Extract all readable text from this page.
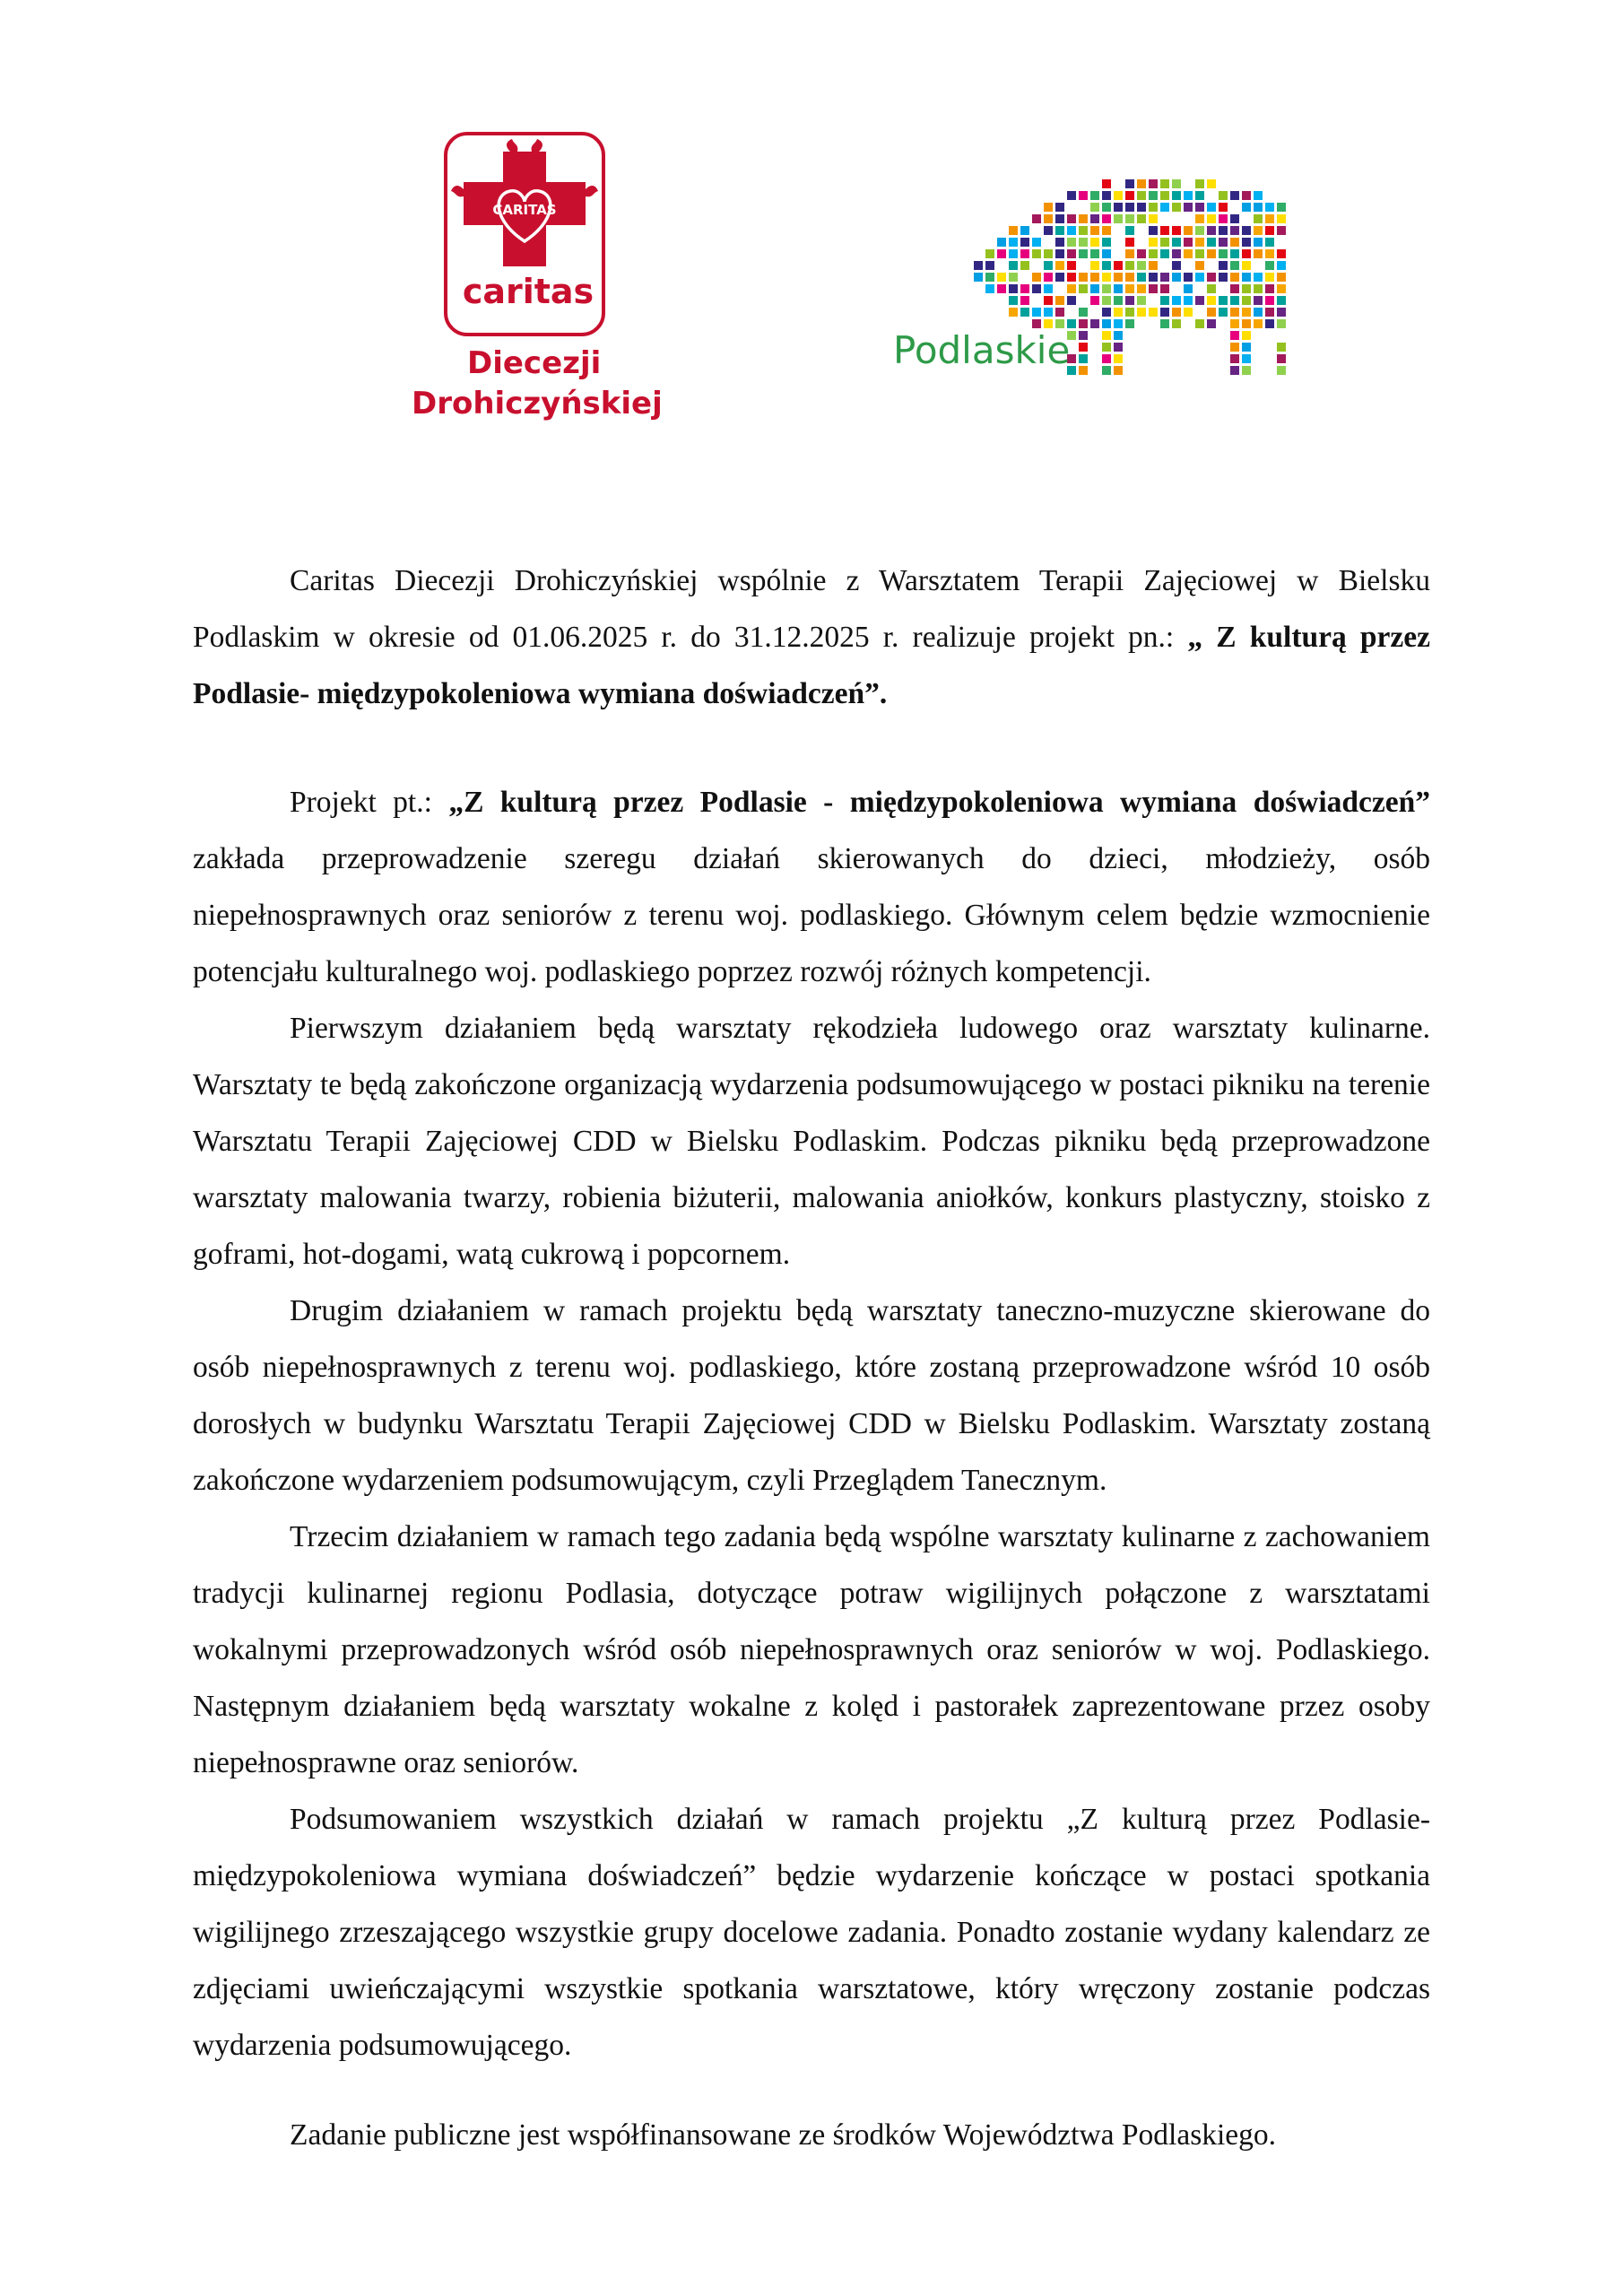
CARITAS
caritas
Diecezji
Drohiczyńskiej
Podlaskie

Caritas Diecezji Drohiczyńskiej wspólnie z Warsztatem Terapii Zajęciowej w Bielsku Podlaskim w okresie od 01.06.2025 r. do 31.12.2025 r. realizuje projekt pn.: „ Z kulturą przez Podlasie- międzypokoleniowa wymiana doświadczeń”.

Projekt pt.: „Z kulturą przez Podlasie - międzypokoleniowa wymiana doświadczeń” zakłada przeprowadzenie szeregu działań skierowanych do dzieci, młodzieży, osób niepełnosprawnych oraz seniorów z terenu woj. podlaskiego. Głównym celem będzie wzmocnienie potencjału kulturalnego woj. podlaskiego poprzez rozwój różnych kompetencji.

Pierwszym działaniem będą warsztaty rękodzieła ludowego oraz warsztaty kulinarne. Warsztaty te będą zakończone organizacją wydarzenia podsumowującego w postaci pikniku na terenie Warsztatu Terapii Zajęciowej CDD w Bielsku Podlaskim. Podczas pikniku będą przeprowadzone warsztaty malowania twarzy, robienia biżuterii, malowania aniołków, konkurs plastyczny, stoisko z goframi, hot-dogami, watą cukrową i popcornem.

Drugim działaniem w ramach projektu będą warsztaty taneczno-muzyczne skierowane do osób niepełnosprawnych z terenu woj. podlaskiego, które zostaną przeprowadzone wśród 10 osób dorosłych w budynku Warsztatu Terapii Zajęciowej CDD w Bielsku Podlaskim. Warsztaty zostaną zakończone wydarzeniem podsumowującym, czyli Przeglądem Tanecznym.

Trzecim działaniem w ramach tego zadania będą wspólne warsztaty kulinarne z zachowaniem tradycji kulinarnej regionu Podlasia, dotyczące potraw wigilijnych połączone z warsztatami wokalnymi przeprowadzonych wśród osób niepełnosprawnych oraz seniorów w woj. Podlaskiego. Następnym działaniem będą warsztaty wokalne z kolęd i pastorałek zaprezentowane przez osoby niepełnosprawne oraz seniorów.

Podsumowaniem wszystkich działań w ramach projektu „Z kulturą przez Podlasie- międzypokoleniowa wymiana doświadczeń” będzie wydarzenie kończące w postaci spotkania wigilijnego zrzeszającego wszystkie grupy docelowe zadania. Ponadto zostanie wydany kalendarz ze zdjęciami uwieńczającymi wszystkie spotkania warsztatowe, który wręczony zostanie podczas wydarzenia podsumowującego.

Zadanie publiczne jest współfinansowane ze środków Województwa Podlaskiego.
